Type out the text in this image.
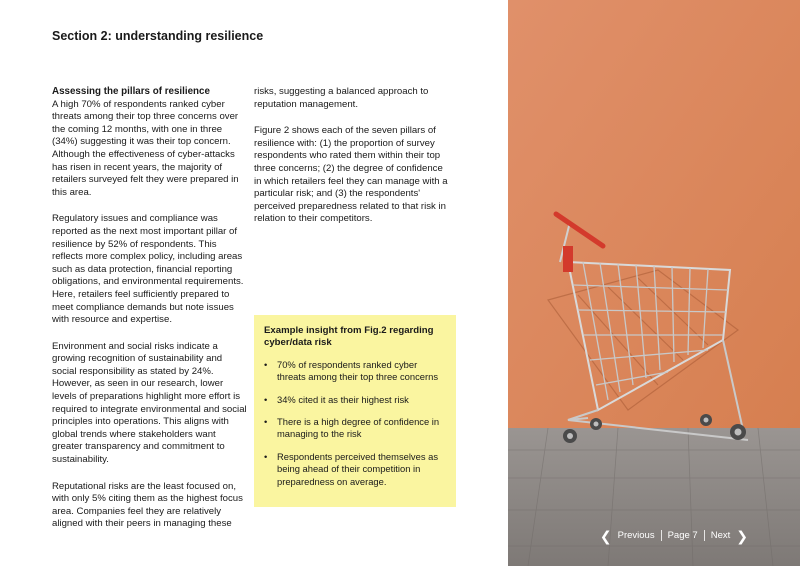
Section 2: understanding resilience
Assessing the pillars of resilience

A high 70% of respondents ranked cyber threats among their top three concerns over the coming 12 months, with one in three (34%) suggesting it was their top concern. Although the effectiveness of cyber-attacks has risen in recent years, the majority of retailers surveyed felt they were prepared in this area.

Regulatory issues and compliance was reported as the next most important pillar of resilience by 52% of respondents. This reflects more complex policy, including areas such as data protection, financial reporting obligations, and environmental requirements. Here, retailers feel sufficiently prepared to meet compliance demands but note issues with resource and expertise.

Environment and social risks indicate a growing recognition of sustainability and social responsibility as stated by 24%. However, as seen in our research, lower levels of preparations highlight more effort is required to integrate environmental and social principles into operations. This aligns with global trends where stakeholders want greater transparency and commitment to sustainability.

Reputational risks are the least focused on, with only 5% citing them as the highest focus area. Companies feel they are relatively aligned with their peers in managing these

risks, suggesting a balanced approach to reputation management.

Figure 2 shows each of the seven pillars of resilience with: (1) the proportion of survey respondents who rated them within their top three concerns; (2) the degree of confidence in which retailers feel they can manage with a particular risk; and (3) the respondents' perceived preparedness related to that risk in relation to their competitors.

Example insight from Fig.2 regarding cyber/data risk
• 70% of respondents ranked cyber threats among their top three concerns
• 34% cited it as their highest risk
• There is a high degree of confidence in managing to the risk
• Respondents perceived themselves as being ahead of their competition in preparedness on average.
❮ Previous Page 7 Next ❯
